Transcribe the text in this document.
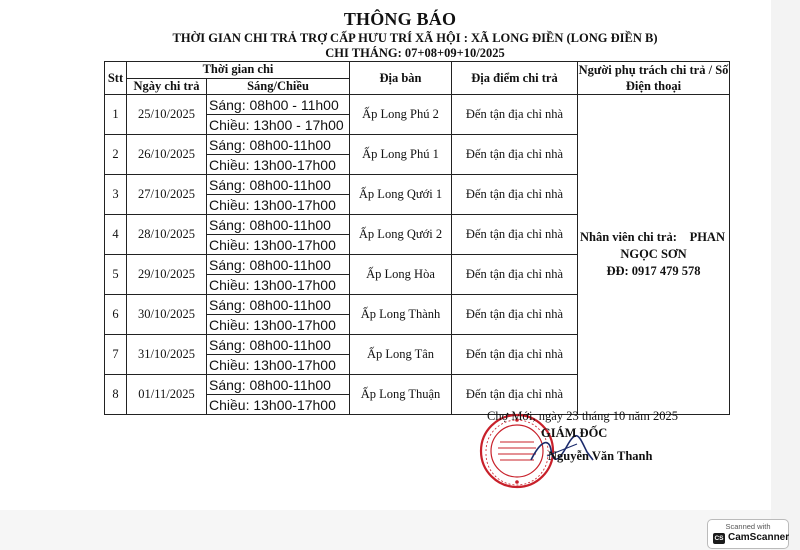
THÔNG BÁO
THỜI GIAN CHI TRẢ TRỢ CẤP HƯU TRÍ XÃ HỘI : XÃ LONG ĐIỀN (LONG ĐIỀN B)
CHI THÁNG: 07+08+09+10/2025
Stt	Thời gian chi		Địa bàn	Địa điểm chi trả	Người phụ trách chi trả / Số Điện thoại
	Ngày chi trả	Sáng/Chiều			
1	25/10/2025	Sáng: 08h00 - 11h00	Ấp Long Phú 2	Đến tận địa chỉ nhà	Nhân viên chi trả: PHAN
NGỌC SƠN
ĐĐ: 0917 479 578

		Chiều: 13h00 - 17h00			
2	26/10/2025	Sáng: 08h00-11h00	Ấp Long Phú 1	Đến tận địa chỉ nhà	
		Chiều: 13h00-17h00			
3	27/10/2025	Sáng: 08h00-11h00	Ấp Long Qưới 1	Đến tận địa chỉ nhà	
		Chiều: 13h00-17h00			
4	28/10/2025	Sáng: 08h00-11h00	Ấp Long Qưới 2	Đến tận địa chỉ nhà	
		Chiều: 13h00-17h00			
5	29/10/2025	Sáng: 08h00-11h00	Ấp Long Hòa	Đến tận địa chỉ nhà	
		Chiều: 13h00-17h00			
6	30/10/2025	Sáng: 08h00-11h00	Ấp Long Thành	Đến tận địa chỉ nhà	
		Chiều: 13h00-17h00			
7	31/10/2025	Sáng: 08h00-11h00	Ấp Long Tân	Đến tận địa chỉ nhà	
		Chiều: 13h00-17h00			
8	01/11/2025	Sáng: 08h00-11h00	Ấp Long Thuận	Đến tận địa chỉ nhà	
		Chiều: 13h00-17h00			
Chợ Mới, ngày 23 tháng 10 năm 2025
GIÁM ĐỐC
Nguyễn Văn Thanh
Scanned with
CS CamScanner
